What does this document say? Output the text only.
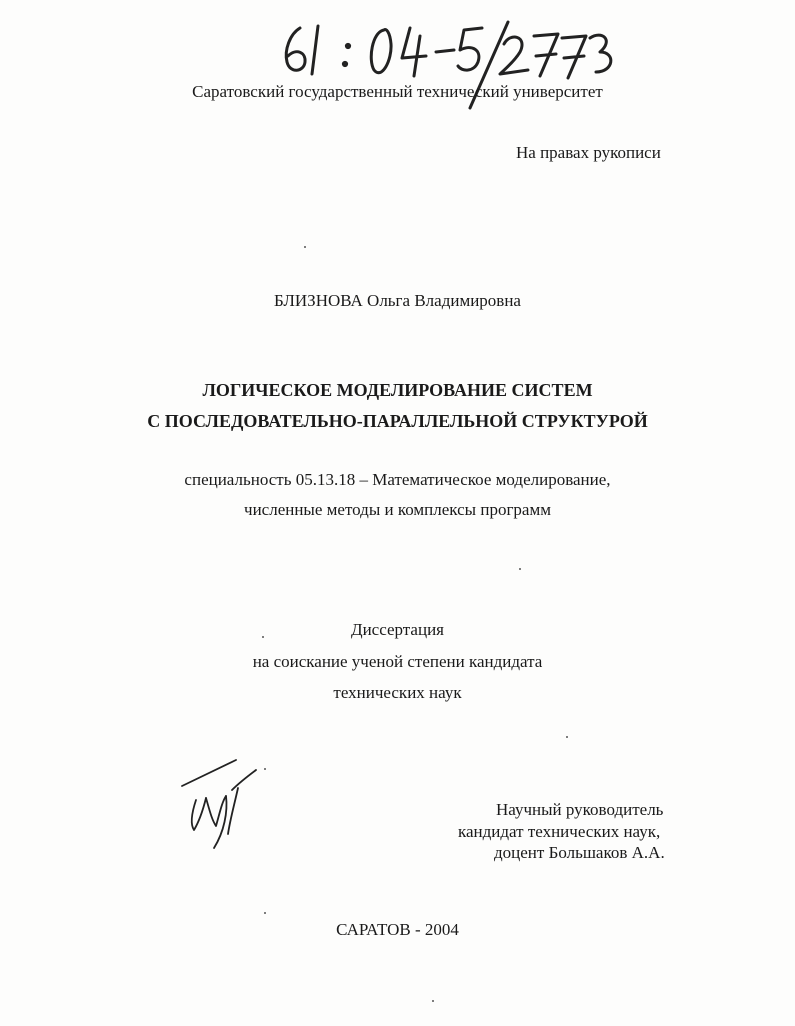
Саратовский государственный технический университет
На правах рукописи
БЛИЗНОВА Ольга Владимировна
ЛОГИЧЕСКОЕ МОДЕЛИРОВАНИЕ СИСТЕМ
С ПОСЛЕДОВАТЕЛЬНО-ПАРАЛЛЕЛЬНОЙ СТРУКТУРОЙ
специальность 05.13.18 – Математическое моделирование,
численные методы и комплексы программ
Диссертация
на соискание ученой степени кандидата
технических наук
Научный руководитель
кандидат технических наук,
доцент Большаков А.А.
САРАТОВ - 2004
